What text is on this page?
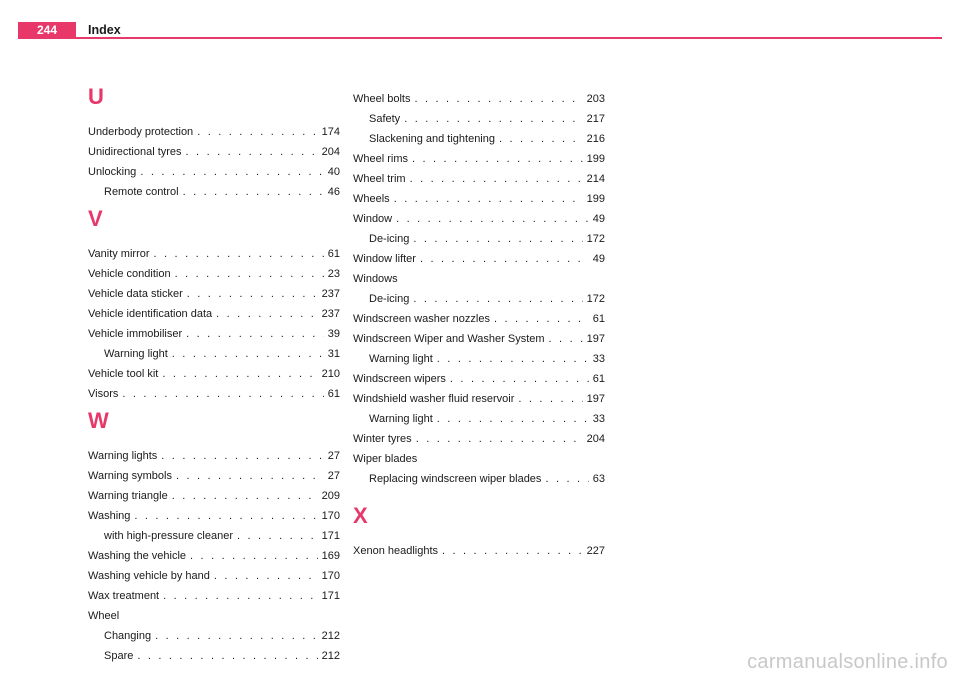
244	Index
U
Underbody protection . . .	174
Unidirectional tyres . . .	204
Unlocking . . .	40
Remote control . . .	46
V
Vanity mirror . . .	61
Vehicle condition . . .	23
Vehicle data sticker . . .	237
Vehicle identification data . . .	237
Vehicle immobiliser . . .	39
Warning light . . .	31
Vehicle tool kit . . .	210
Visors . . .	61
W
Warning lights . . .	27
Warning symbols . . .	27
Warning triangle . . .	209
Washing . . .	170
with high-pressure cleaner . . .	171
Washing the vehicle . . .	169
Washing vehicle by hand . . .	170
Wax treatment . . .	171
Wheel
Changing . . .	212
Spare . . .	212
Wheel bolts . . .	203
Safety . . .	217
Slackening and tightening . . .	216
Wheel rims . . .	199
Wheel trim . . .	214
Wheels . . .	199
Window . . .	49
De-icing . . .	172
Window lifter . . .	49
Windows
De-icing . . .	172
Windscreen washer nozzles . . .	61
Windscreen Wiper and Washer System . . .	197
Warning light . . .	33
Windscreen wipers . . .	61
Windshield washer fluid reservoir . . .	197
Warning light . . .	33
Winter tyres . . .	204
Wiper blades
Replacing windscreen wiper blades . . .	63
X
Xenon headlights . . .	227
carmanualsonline.info
